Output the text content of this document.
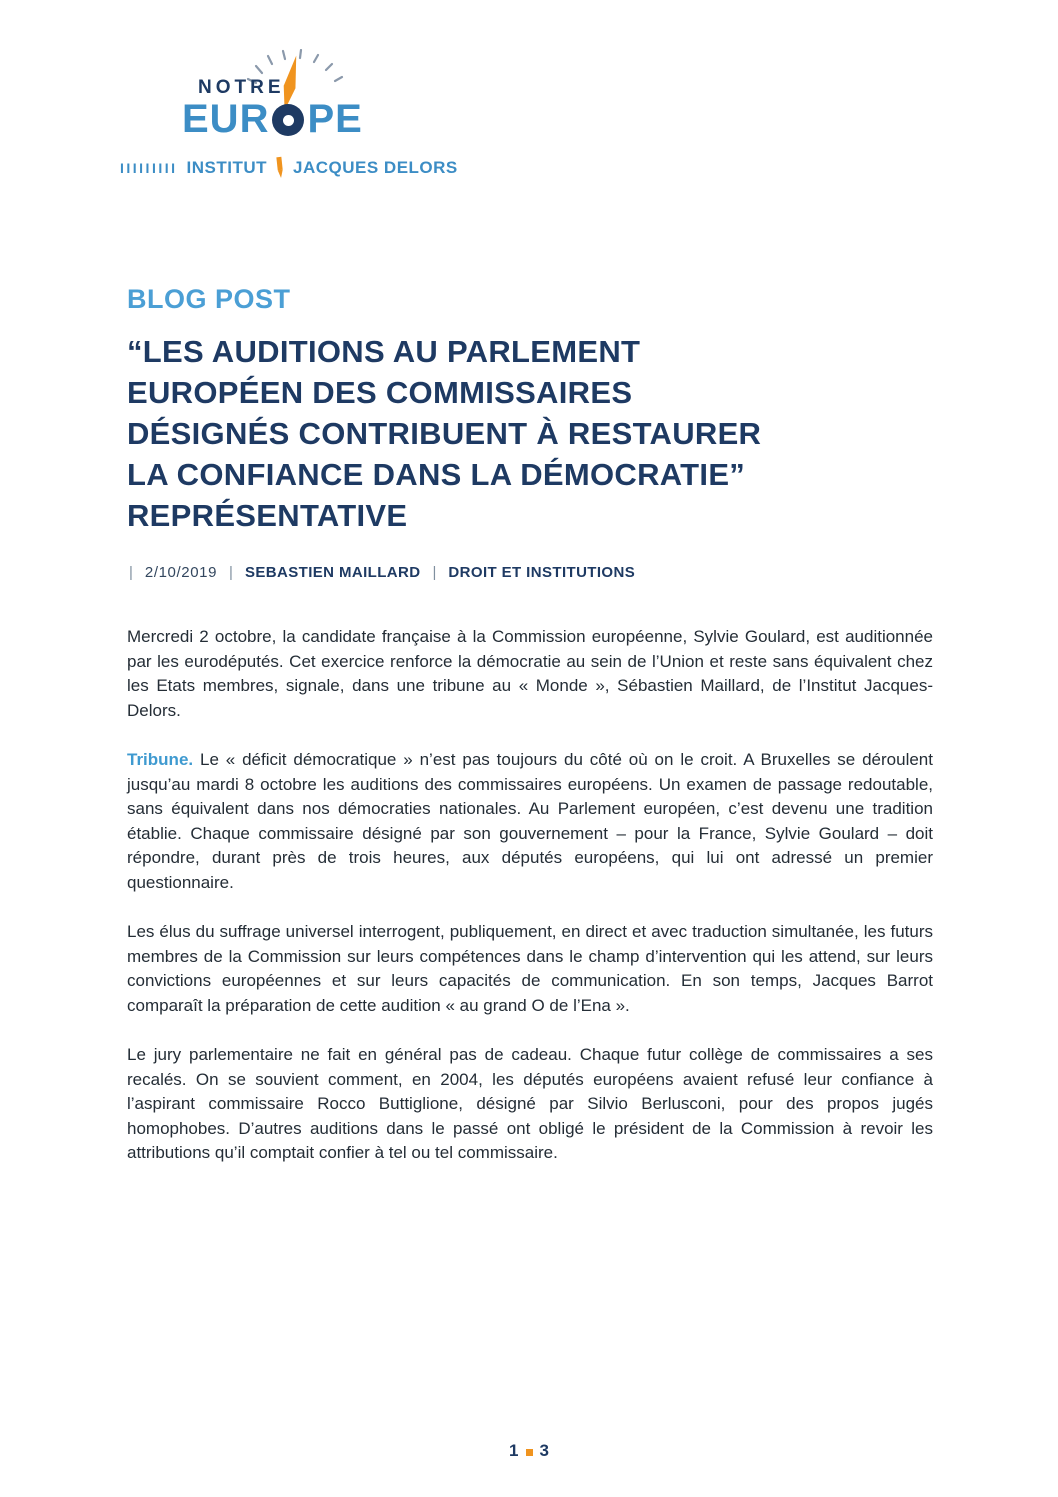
NOTRE
EUR PE
IIIIIIIII INSTITUT JACQUES DELORS
BLOG POST
“LES AUDITIONS AU PARLEMENT
EUROPÉEN DES COMMISSAIRES
DÉSIGNÉS CONTRIBUENT À RESTAURER
LA CONFIANCE DANS LA DÉMOCRATIE”
REPRÉSENTATIVE
| 2/10/2019 | SEBASTIEN MAILLARD | DROIT ET INSTITUTIONS

Mercredi 2 octobre, la candidate française à la Commission européenne, Sylvie Goulard, est auditionnée par les eurodéputés. Cet exercice renforce la démocratie au sein de l’Union et reste sans équivalent chez les Etats membres, signale, dans une tribune au « Monde », Sébastien Maillard, de l’Institut Jacques-Delors.

Tribune. Le « déficit démocratique » n’est pas toujours du côté où on le croit. A Bruxelles se déroulent jusqu’au mardi 8 octobre les auditions des commissaires européens. Un examen de passage redoutable, sans équivalent dans nos démocraties nationales. Au Parlement européen, c’est devenu une tradition établie. Chaque commissaire désigné par son gouvernement – pour la France, Sylvie Goulard – doit répondre, durant près de trois heures, aux députés européens, qui lui ont adressé un premier questionnaire.

Les élus du suffrage universel interrogent, publiquement, en direct et avec traduction simultanée, les futurs membres de la Commission sur leurs compétences dans le champ d’intervention qui les attend, sur leurs convictions européennes et sur leurs capacités de communication. En son temps, Jacques Barrot comparaît la préparation de cette audition « au grand O de l’Ena ».

Le jury parlementaire ne fait en général pas de cadeau. Chaque futur collège de commissaires a ses recalés. On se souvient comment, en 2004, les députés européens avaient refusé leur confiance à l’aspirant commissaire Rocco Buttiglione, désigné par Silvio Berlusconi, pour des propos jugés homophobes. D’autres auditions dans le passé ont obligé le président de la Commission à revoir les attributions qu’il comptait confier à tel ou tel commissaire.

1 3
